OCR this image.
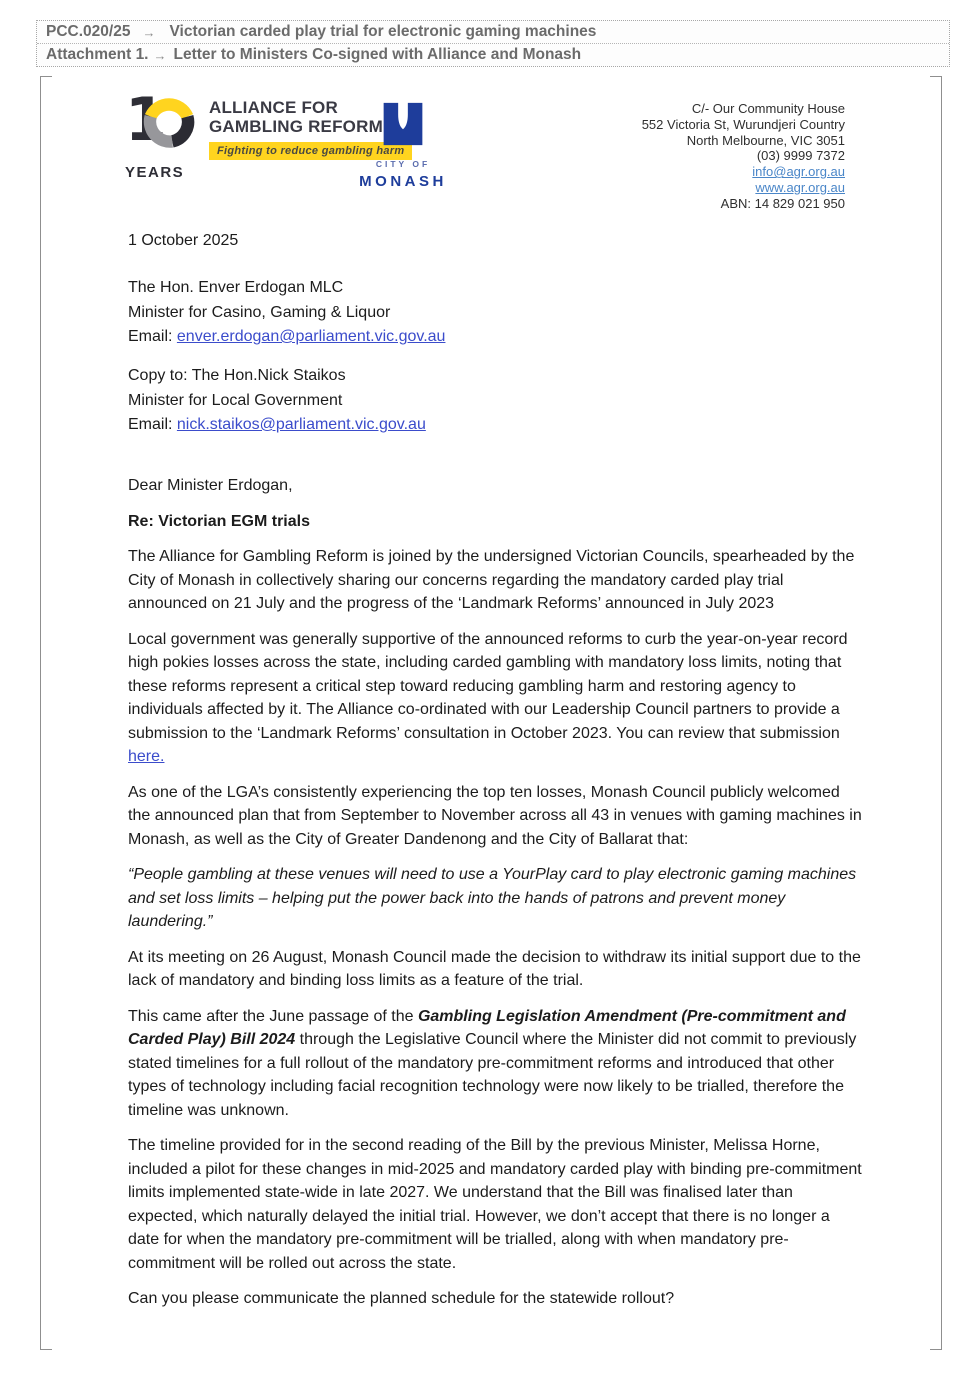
PCC.020/25 → Victorian carded play trial for electronic gaming machines
Attachment 1. → Letter to Ministers Co-signed with Alliance and Monash
1
YEARS
ALLIANCE FOR
GAMBLING REFORM
Fighting to reduce gambling harm
CITY OF
MONASH
C/- Our Community House
552 Victoria St, Wurundjeri Country
North Melbourne, VIC 3051
(03) 9999 7372
info@agr.org.au
www.agr.org.au
ABN: 14 829 021 950
1 October 2025
The Hon. Enver Erdogan MLC
Minister for Casino, Gaming & Liquor
Email: enver.erdogan@parliament.vic.gov.au
Copy to: The Hon.Nick Staikos
Minister for Local Government
Email: nick.staikos@parliament.vic.gov.au

Dear Minister Erdogan,

Re: Victorian EGM trials

The Alliance for Gambling Reform is joined by the undersigned Victorian Councils, spearheaded by the City of Monash in collectively sharing our concerns regarding the mandatory carded play trial announced on 21 July and the progress of the ‘Landmark Reforms’ announced in July 2023

Local government was generally supportive of the announced reforms to curb the year-on-year record high pokies losses across the state, including carded gambling with mandatory loss limits, noting that these reforms represent a critical step toward reducing gambling harm and restoring agency to individuals affected by it. The Alliance co-ordinated with our Leadership Council partners to provide a submission to the ‘Landmark Reforms’ consultation in October 2023. You can review that submission here.

As one of the LGA’s consistently experiencing the top ten losses, Monash Council publicly welcomed the announced plan that from September to November across all 43 in venues with gaming machines in Monash, as well as the City of Greater Dandenong and the City of Ballarat that:

“People gambling at these venues will need to use a YourPlay card to play electronic gaming machines and set loss limits – helping put the power back into the hands of patrons and prevent money laundering.”

At its meeting on 26 August, Monash Council made the decision to withdraw its initial support due to the lack of mandatory and binding loss limits as a feature of the trial.

This came after the June passage of the Gambling Legislation Amendment (Pre-commitment and Carded Play) Bill 2024 through the Legislative Council where the Minister did not commit to previously stated timelines for a full rollout of the mandatory pre-commitment reforms and introduced that other types of technology including facial recognition technology were now likely to be trialled, therefore the timeline was unknown.

The timeline provided for in the second reading of the Bill by the previous Minister, Melissa Horne, included a pilot for these changes in mid-2025 and mandatory carded play with binding pre-commitment limits implemented state-wide in late 2027. We understand that the Bill was finalised later than expected, which naturally delayed the initial trial. However, we don’t accept that there is no longer a date for when the mandatory pre-commitment will be trialled, along with when mandatory pre-commitment will be rolled out across the state.

Can you please communicate the planned schedule for the statewide rollout?
